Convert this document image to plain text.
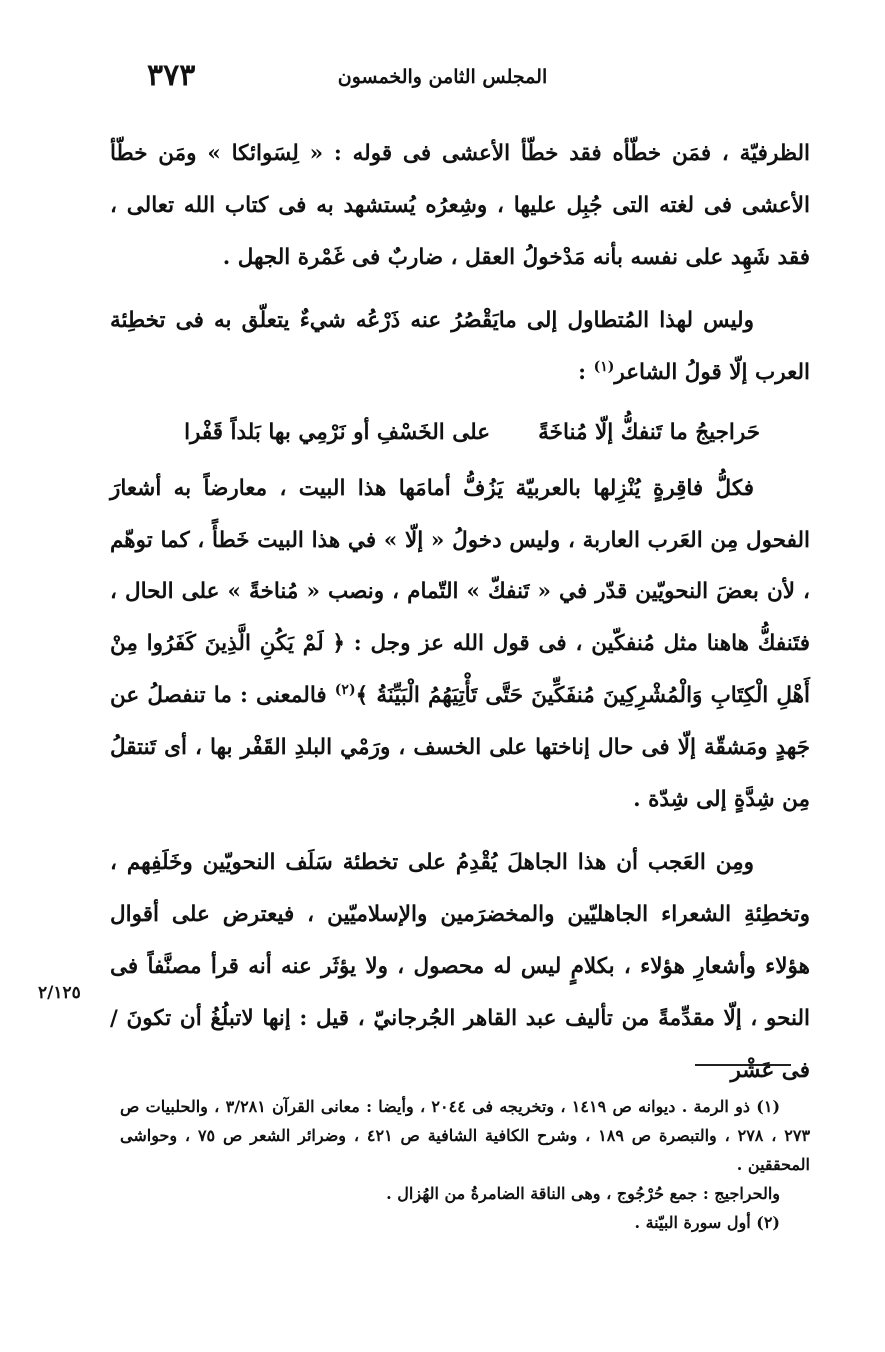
٣٧٣	المجلس الثامن والخمسون

الظرفيّة ، فمَن خطّأه فقد خطّأ الأعشى فى قوله : « لِسَوائكا » ومَن خطّأ الأعشى فى لغته التى جُبِل عليها ، وشِعرُه يُستشهد به فى كتاب الله تعالى ، فقد شَهِد على نفسه بأنه مَدْخولُ العقل ، ضاربٌ فى غَمْرة الجهل .

وليس لهذا المُتطاول إلى مايَقْصُرُ عنه ذَرْعُه شيءٌ يتعلّق به فى تخطِئة العرب إلّا قولُ الشاعر$^{(١)}$ :

حَراجيجُ ما تَنفكُّ إلّا مُناخَةً
على الخَسْفِ أو نَرْمِي بها بَلداً قَفْرا

فكلُّ فاقِرةٍ يُنْزِلها بالعربيّة يَزُفُّ أمامَها هذا البيت ، معارضاً به أشعارَ الفحول مِن العَرب العاربة ، وليس دخولُ « إلّا » في هذا البيت خَطأً ، كما توهّم ، لأن بعضَ النحويّين قدّر في « تَنفكّ » التّمام ، ونصب « مُناخةً » على الحال ، فتَنفكُّ هاهنا مثل مُنفكّين ، فى قول الله عز وجل : ﴿ لَمْ يَكُنِ الَّذِينَ كَفَرُوا مِنْ أَهْلِ الْكِتَابِ وَالْمُشْرِكِينَ مُنفَكِّينَ حَتَّى تَأْتِيَهُمُ الْبَيِّنَةُ ﴾$^{(٢)}$ فالمعنى : ما تنفصلُ عن جَهدٍ ومَشقّة إلّا فى حال إناختها على الخسف ، ورَمْي البلدِ القَفْر بها ، أى تَنتقلُ مِن شِدَّةٍ إلى شِدّة .

ومِن العَجب أن هذا الجاهلَ يُقْدِمُ على تخطئة سَلَف النحويّين وخَلَفِهم ، وتخطِئةِ الشعراء الجاهليّين والمخضرَمين والإسلاميّين ، فيعترض على أقوال هؤلاء وأشعارِ هؤلاء ، بكلامٍ ليس له محصول ، ولا يؤثَر عنه أنه قرأ مصنَّفاً فى النحو ، إلّا مقدِّمةً من تأليف عبد القاهر الجُرجانيّ ، قيل : إنها لاتبلُغُ أن تكونَ / فى عَشْر

٢/١٢٥

(١) ذو الرمة . ديوانه ص ١٤١٩ ، وتخريجه فى ٢٠٤٤ ، وأيضا : معانى القرآن ٣/٢٨١ ، والحلبيات ص ٢٧٣ ، ٢٧٨ ، والتبصرة ص ١٨٩ ، وشرح الكافية الشافية ص ٤٢١ ، وضرائر الشعر ص ٧٥ ، وحواشى المحققين .

والحراجيج : جمع حُرْجُوج ، وهى الناقة الضامرةُ من الهُزال .

(٢) أول سورة البيّنة .
